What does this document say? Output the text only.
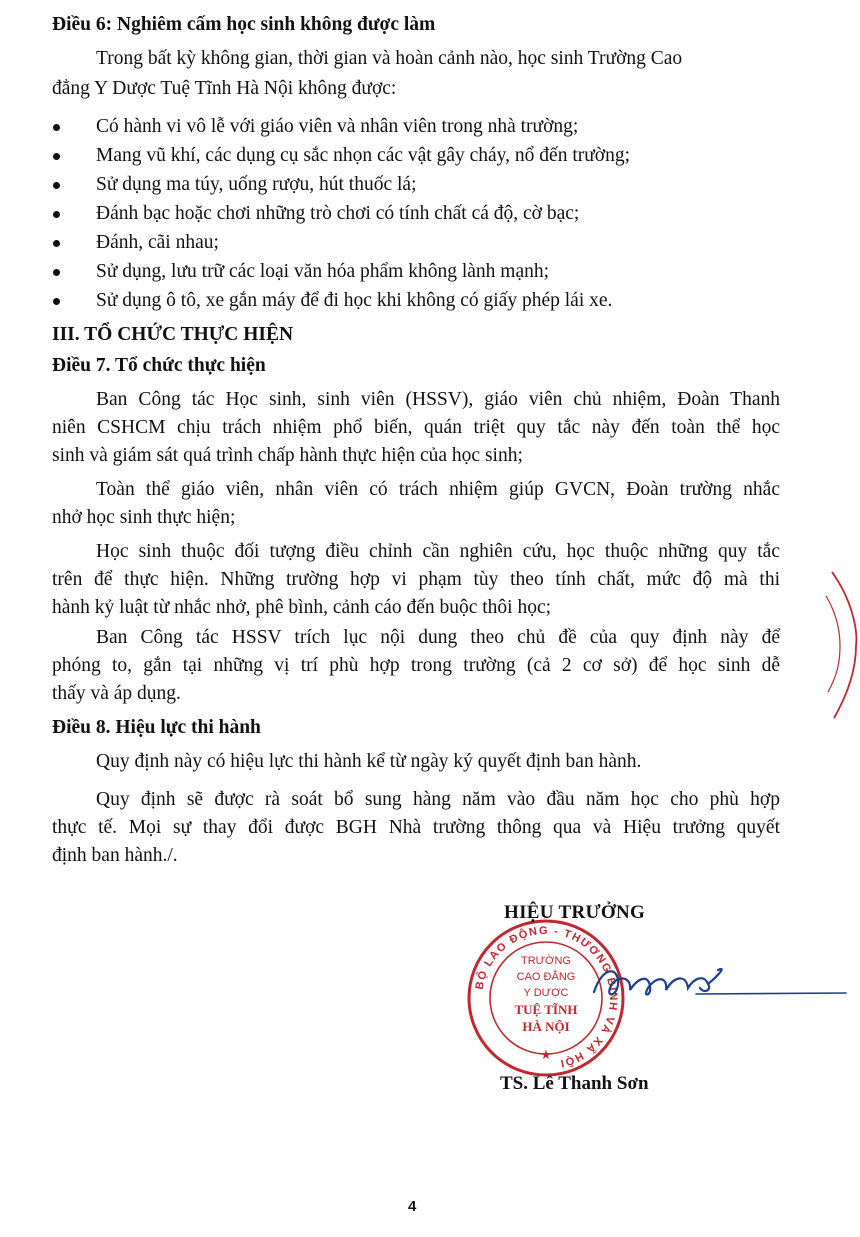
Điều 6: Nghiêm cấm học sinh không được làm
Trong bất kỳ không gian, thời gian và hoàn cảnh nào, học sinh Trường Cao
đẳng Y Dược Tuệ Tĩnh Hà Nội không được:
Có hành vi vô lễ với giáo viên và nhân viên trong nhà trường;
Mang vũ khí, các dụng cụ sắc nhọn các vật gây cháy, nổ đến trường;
Sử dụng ma túy, uống rượu, hút thuốc lá;
Đánh bạc hoặc chơi những trò chơi có tính chất cá độ, cờ bạc;
Đánh, cãi nhau;
Sử dụng, lưu trữ các loại văn hóa phẩm không lành mạnh;
Sử dụng ô tô, xe gắn máy để đi học khi không có giấy phép lái xe.
III. TỔ CHỨC THỰC HIỆN
Điều 7. Tổ chức thực hiện
Ban Công tác Học sinh, sinh viên (HSSV), giáo viên chủ nhiệm, Đoàn Thanh
niên CSHCM chịu trách nhiệm phổ biến, quán triệt quy tắc này đến toàn thể học
sinh và giám sát quá trình chấp hành thực hiện của học sinh;
Toàn thể giáo viên, nhân viên có trách nhiệm giúp GVCN, Đoàn trường nhắc
nhở học sinh thực hiện;
Học sinh thuộc đối tượng điều chỉnh cần nghiên cứu, học thuộc những quy tắc
trên để thực hiện. Những trường hợp vi phạm tùy theo tính chất, mức độ mà thi
hành kỷ luật từ nhắc nhở, phê bình, cảnh cáo đến buộc thôi học;
Ban Công tác HSSV trích lục nội dung theo chủ đề của quy định này để
phóng to, gắn tại những vị trí phù hợp trong trường (cả 2 cơ sở) để học sinh dễ
thấy và áp dụng.
Điều 8. Hiệu lực thi hành
Quy định này có hiệu lực thi hành kể từ ngày ký quyết định ban hành.
Quy định sẽ được rà soát bổ sung hàng năm vào đầu năm học cho phù hợp
thực tế. Mọi sự thay đổi được BGH Nhà trường thông qua và Hiệu trưởng quyết
định ban hành./.
BỘ LAO ĐỘNG - THƯƠNG BINH VÀ XÃ HỘI
TRƯỜNG
CAO ĐẲNG
Y DƯỢC
TUỆ TĨNH
HÀ NỘI
★
HIỆU TRƯỞNG
TS. Lê Thanh Sơn
4
